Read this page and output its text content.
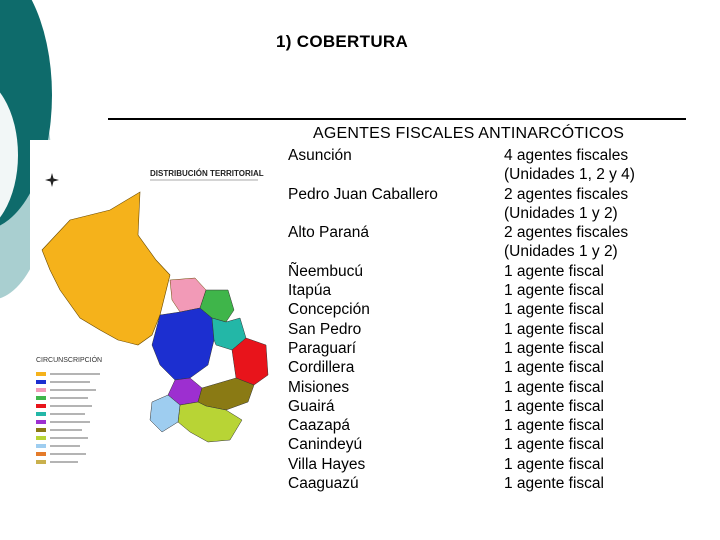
1) COBERTURA
DISTRIBUCIÓN TERRITORIAL
CIRCUNSCRIPCIÓN
AGENTES FISCALES ANTINARCÓTICOS
Asunción	4 agentes fiscales
(Unidades 1, 2 y 4)
Pedro Juan Caballero	2 agentes fiscales
(Unidades 1 y 2)
Alto Paraná	2 agentes fiscales
(Unidades 1 y 2)
Ñeembucú	1 agente fiscal
Itapúa	1 agente fiscal
Concepción	1 agente fiscal
San Pedro	1 agente fiscal
Paraguarí	1 agente fiscal
Cordillera	1 agente fiscal
Misiones	1 agente fiscal
Guairá	1 agente fiscal
Caazapá	1 agente fiscal
Canindeyú	1 agente fiscal
Villa Hayes	1 agente fiscal
Caaguazú	1 agente fiscal
